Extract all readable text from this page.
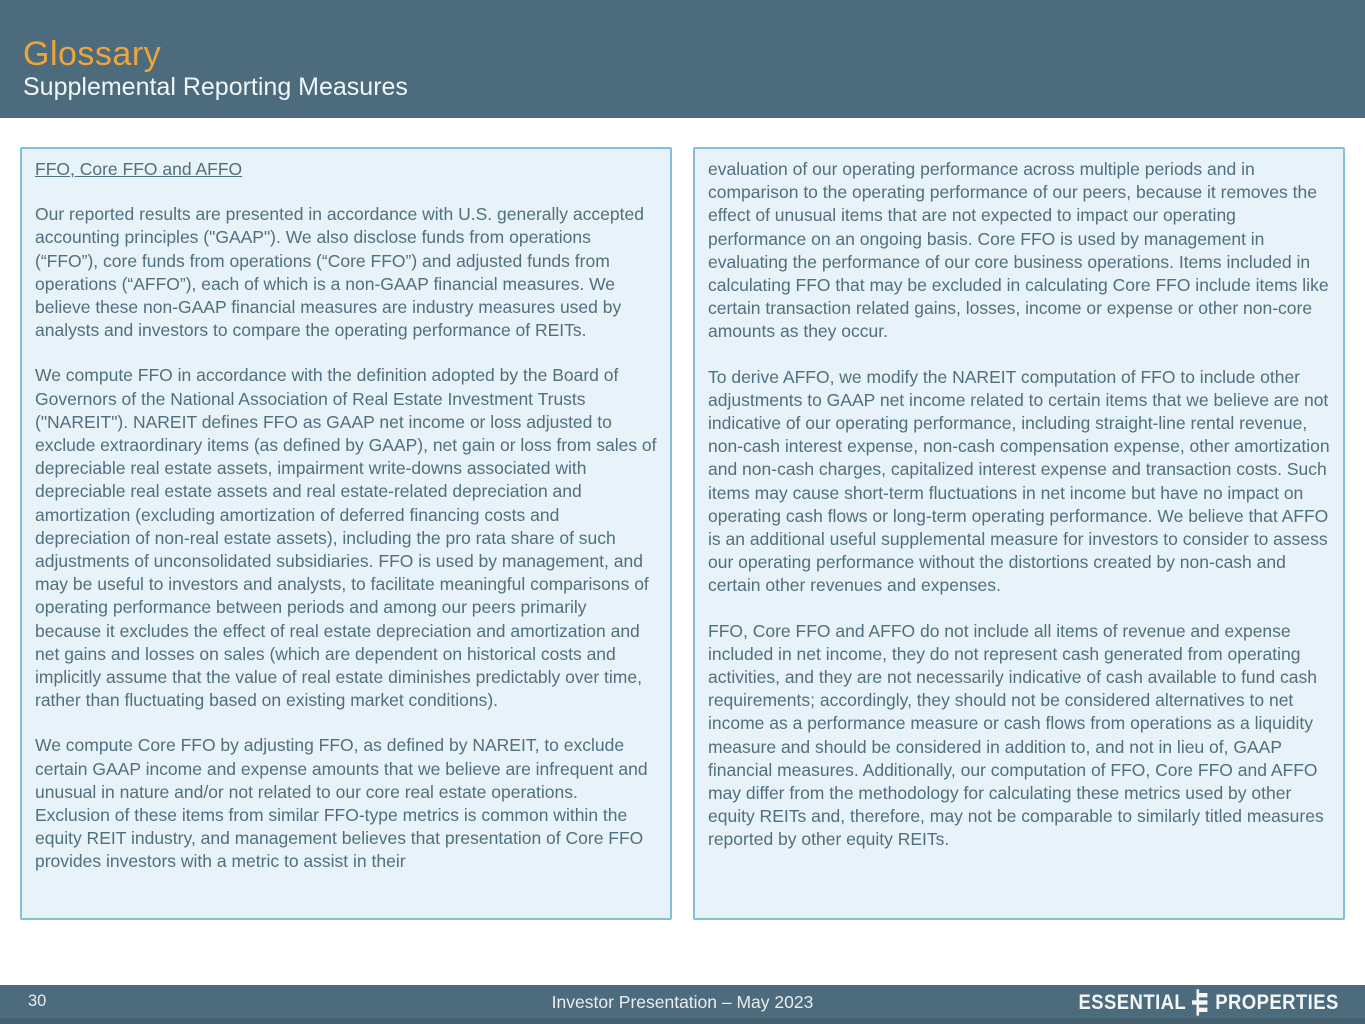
Glossary
Supplemental Reporting Measures
FFO, Core FFO and AFFO

Our reported results are presented in accordance with U.S. generally accepted accounting principles ("GAAP"). We also disclose funds from operations (“FFO”), core funds from operations (“Core FFO”) and adjusted funds from operations (“AFFO”), each of which is a non-GAAP financial measures. We believe these non-GAAP financial measures are industry measures used by analysts and investors to compare the operating performance of REITs.

We compute FFO in accordance with the definition adopted by the Board of Governors of the National Association of Real Estate Investment Trusts ("NAREIT"). NAREIT defines FFO as GAAP net income or loss adjusted to exclude extraordinary items (as defined by GAAP), net gain or loss from sales of depreciable real estate assets, impairment write-downs associated with depreciable real estate assets and real estate-related depreciation and amortization (excluding amortization of deferred financing costs and depreciation of non-real estate assets), including the pro rata share of such adjustments of unconsolidated subsidiaries. FFO is used by management, and may be useful to investors and analysts, to facilitate meaningful comparisons of operating performance between periods and among our peers primarily because it excludes the effect of real estate depreciation and amortization and net gains and losses on sales (which are dependent on historical costs and implicitly assume that the value of real estate diminishes predictably over time, rather than fluctuating based on existing market conditions).

We compute Core FFO by adjusting FFO, as defined by NAREIT, to exclude certain GAAP income and expense amounts that we believe are infrequent and unusual in nature and/or not related to our core real estate operations. Exclusion of these items from similar FFO-type metrics is common within the equity REIT industry, and management believes that presentation of Core FFO provides investors with a metric to assist in their

evaluation of our operating performance across multiple periods and in comparison to the operating performance of our peers, because it removes the effect of unusual items that are not expected to impact our operating performance on an ongoing basis. Core FFO is used by management in evaluating the performance of our core business operations. Items included in calculating FFO that may be excluded in calculating Core FFO include items like certain transaction related gains, losses, income or expense or other non-core amounts as they occur.

To derive AFFO, we modify the NAREIT computation of FFO to include other adjustments to GAAP net income related to certain items that we believe are not indicative of our operating performance, including straight-line rental revenue, non-cash interest expense, non-cash compensation expense, other amortization and non-cash charges, capitalized interest expense and transaction costs. Such items may cause short-term fluctuations in net income but have no impact on operating cash flows or long-term operating performance. We believe that AFFO is an additional useful supplemental measure for investors to consider to assess our operating performance without the distortions created by non-cash and certain other revenues and expenses.

FFO, Core FFO and AFFO do not include all items of revenue and expense included in net income, they do not represent cash generated from operating activities, and they are not necessarily indicative of cash available to fund cash requirements; accordingly, they should not be considered alternatives to net income as a performance measure or cash flows from operations as a liquidity measure and should be considered in addition to, and not in lieu of, GAAP financial measures. Additionally, our computation of FFO, Core FFO and AFFO may differ from the methodology for calculating these metrics used by other equity REITs and, therefore, may not be comparable to similarly titled measures reported by other equity REITs.

30	Investor Presentation – May 2023	ESSENTIAL PROPERTIES
